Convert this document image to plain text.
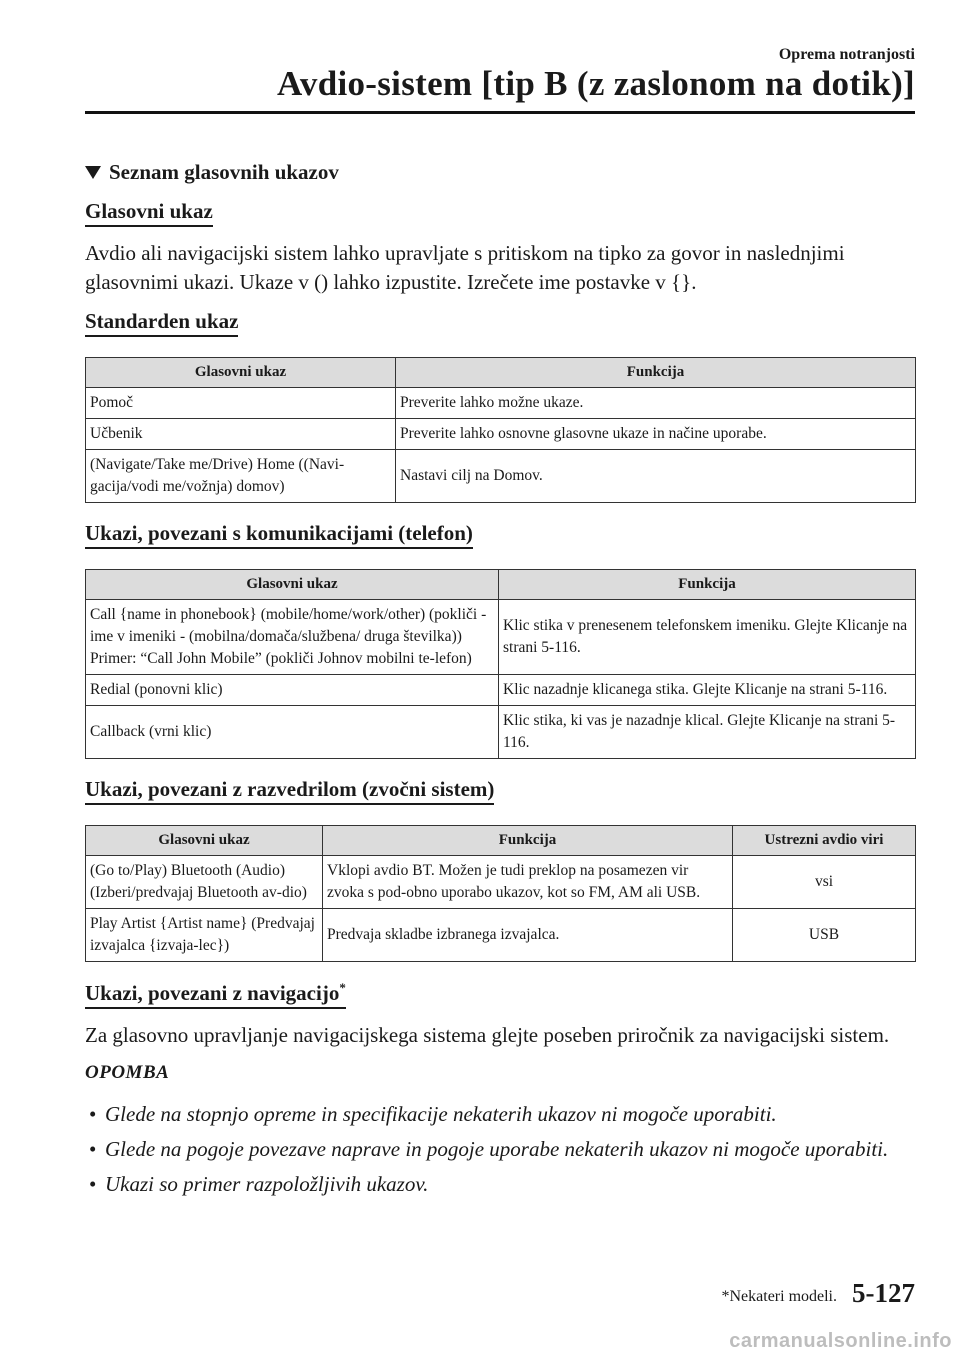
Oprema notranjosti
Avdio-sistem [tip B (z zaslonom na dotik)]
Seznam glasovnih ukazov
Glasovni ukaz

Avdio ali navigacijski sistem lahko upravljate s pritiskom na tipko za govor in naslednjimi glasovnimi ukazi. Ukaze v () lahko izpustite. Izrečete ime postavke v {}.

Standarden ukaz
Glasovni ukaz	Funkcija
Pomoč	Preverite lahko možne ukaze.
Učbenik	Preverite lahko osnovne glasovne ukaze in načine uporabe.
(Navigate/Take me/Drive) Home ((Navi-gacija/vodi me/vožnja) domov)	Nastavi cilj na Domov.
Ukazi, povezani s komunikacijami (telefon)
Glasovni ukaz	Funkcija
Call {name in phonebook} (mobile/home/work/other) (pokliči - ime v imeniki - (mobilna/domača/službena/ druga številka)) Primer: “Call John Mobile” (pokliči Johnov mobilni te-lefon)	Klic stika v prenesenem telefonskem imeniku. Glejte Klicanje na strani 5-116.
Redial (ponovni klic)	Klic nazadnje klicanega stika. Glejte Klicanje na strani 5-116.
Callback (vrni klic)	Klic stika, ki vas je nazadnje klical. Glejte Klicanje na strani 5-116.
Ukazi, povezani z razvedrilom (zvočni sistem)
Glasovni ukaz	Funkcija	Ustrezni avdio viri
(Go to/Play) Bluetooth (Audio) (Izberi/predvajaj Bluetooth av-dio)	Vklopi avdio BT. Možen je tudi preklop na posamezen vir zvoka s pod-obno uporabo ukazov, kot so FM, AM ali USB.	vsi
Play Artist {Artist name} (Predvajaj izvajalca {izvaja-lec})	Predvaja skladbe izbranega izvajalca.	USB
Ukazi, povezani z navigacijo*

Za glasovno upravljanje navigacijskega sistema glejte poseben priročnik za navigacijski sistem.

OPOMBA
• Glede na stopnjo opreme in specifikacije nekaterih ukazov ni mogoče uporabiti.
• Glede na pogoje povezave naprave in pogoje uporabe nekaterih ukazov ni mogoče uporabiti.
• Ukazi so primer razpoložljivih ukazov.
*Nekateri modeli. 5-127
carmanualsonline.info
